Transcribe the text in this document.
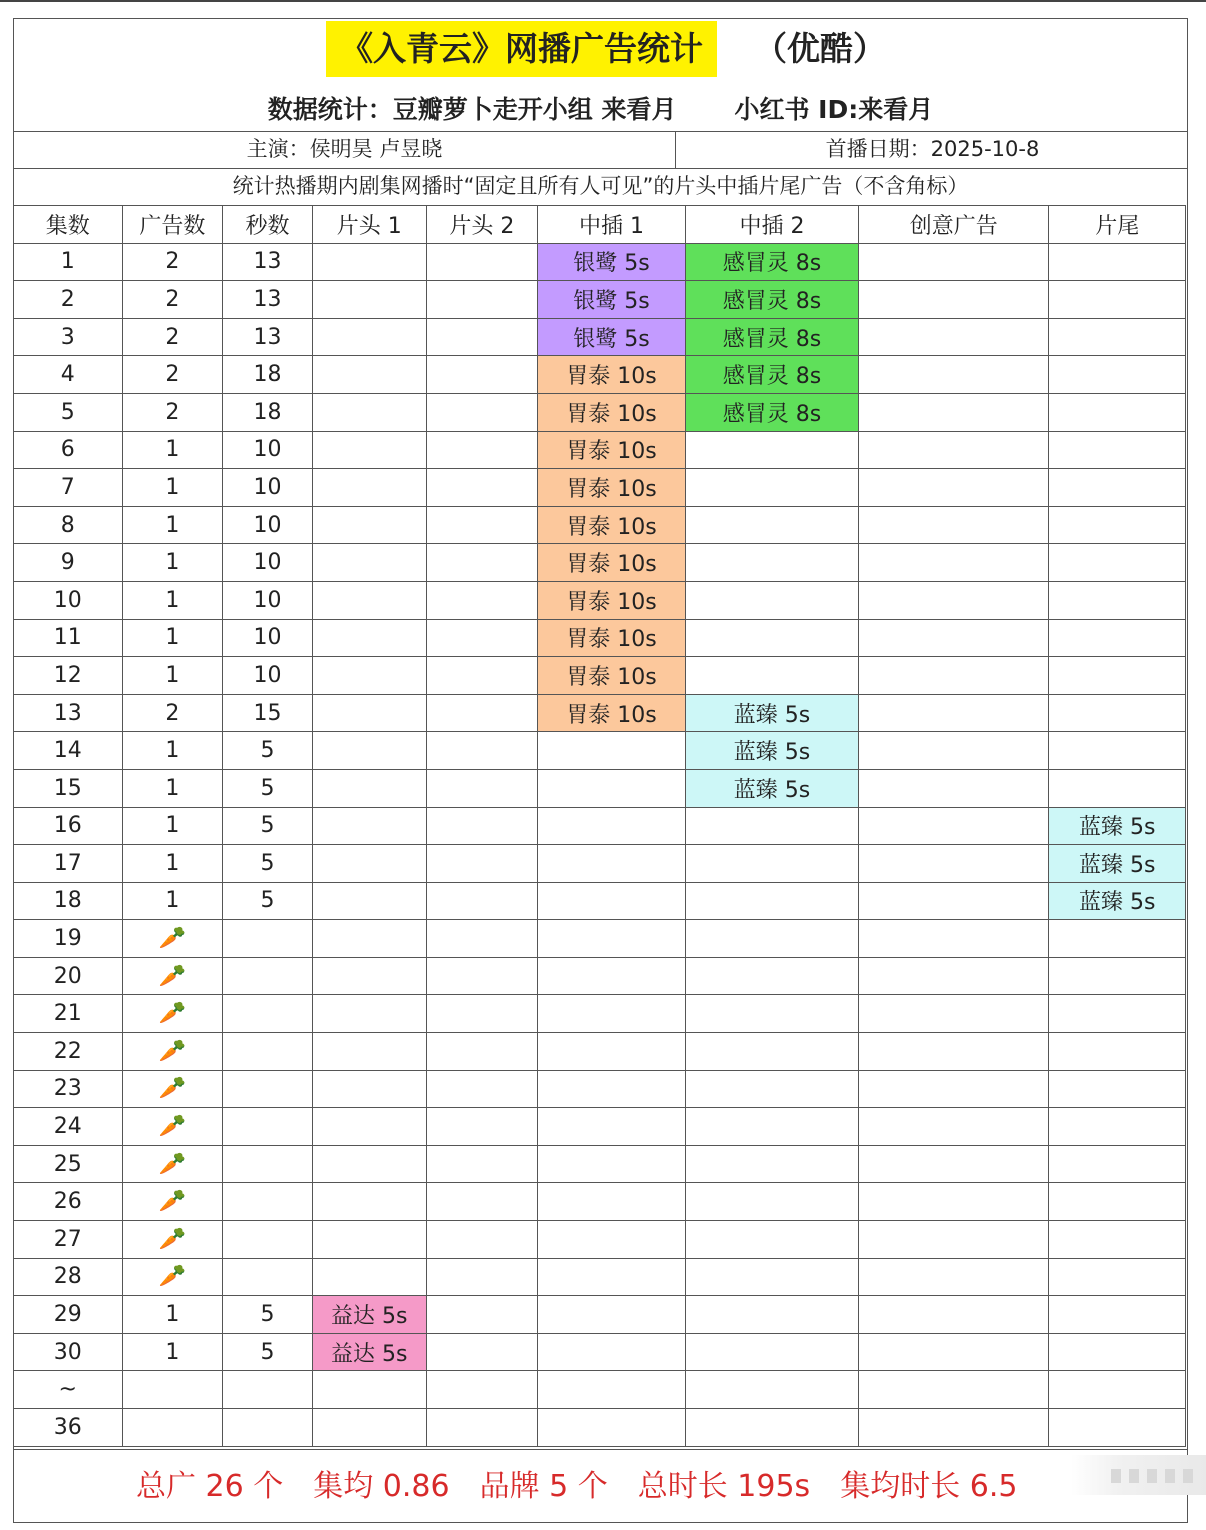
《入青云》网播广告统计	（优酷）
数据统计：豆瓣萝卜走开小组 来看月 小红书 ID:来看月
主演：侯明昊 卢昱晓	首播日期：2025-10-8
统计热播期内剧集网播时“固定且所有人可见”的片头中插片尾广告（不含角标）
集数	广告数	秒数	片头 1	片头 2	中插 1	中插 2	创意广告	片尾
1	2	13			银鹭 5s	感冒灵 8s		
2	2	13			银鹭 5s	感冒灵 8s		
3	2	13			银鹭 5s	感冒灵 8s		
4	2	18			胃泰 10s	感冒灵 8s		
5	2	18			胃泰 10s	感冒灵 8s		
6	1	10			胃泰 10s			
7	1	10			胃泰 10s			
8	1	10			胃泰 10s			
9	1	10			胃泰 10s			
10	1	10			胃泰 10s			
11	1	10			胃泰 10s			
12	1	10			胃泰 10s			
13	2	15			胃泰 10s	蓝臻 5s		
14	1	5				蓝臻 5s		
15	1	5				蓝臻 5s		
16	1	5						蓝臻 5s
17	1	5						蓝臻 5s
18	1	5						蓝臻 5s
19	🥕							
20	🥕							
21	🥕							
22	🥕							
23	🥕							
24	🥕							
25	🥕							
26	🥕							
27	🥕							
28	🥕							
29	1	5	益达 5s					
30	1	5	益达 5s					
~								
36								
总广 26 个 集均 0.86 品牌 5 个 总时长 195s 集均时长 6.5
